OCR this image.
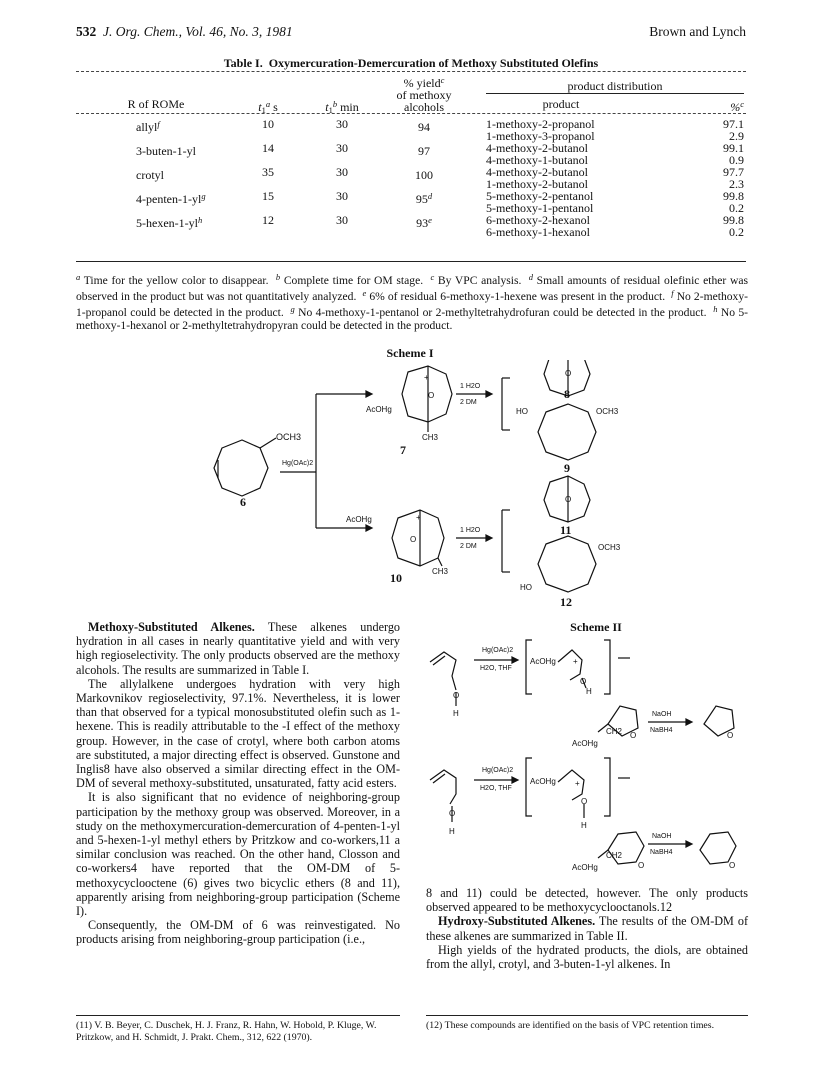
532 J. Org. Chem., Vol. 46, No. 3, 1981	Brown and Lynch
Table I. Oxymercuration-Demercuration of Methoxy Substituted Olefins
R of ROMe	$t_1^a$ s	$t_1^b$ min
% yield$^c$
of methoxy
alcohols
product distribution
product	%$^c$
allyl$^f$	10	30	94	1-methoxy-2-propanol	97.1
1-methoxy-3-propanol	2.9
3-buten-1-yl	14	30	97	4-methoxy-2-butanol	99.1
4-methoxy-1-butanol	0.9
crotyl	35	30	100	4-methoxy-2-butanol	97.7
1-methoxy-2-butanol	2.3
$4-penten-1-yl^g$	15	30	95$^d$	5-methoxy-2-pentanol	99.8
5-methoxy-1-pentanol	0.2
$5-hexen-1-yl^h$	12	30	93e	6-methoxy-2-hexanol	99.8
6-methoxy-1-hexanol	0.2
$^a$ Time for the yellow color to disappear. $^b$ Complete time for OM stage. $^c$ By VPC analysis. $^d$ Small amounts of residual olefinic ether was observed in the product but was not quantitatively analyzed. $^e$ 6% of residual 6-methoxy-1-hexene was present in the product. $^f$ No 2-methoxy-1-propanol could be detected in the product. $^g$ No 4-methoxy-1-pentanol or 2-methyltetrahydrofuran could be detected in the product. $^h$ No 5-methoxy-1-hexanol or 2-methyltetrahydropyran could be detected in the product.
Scheme I
OCH3
Hg(OAc)2
6
AcOHg
+
O
CH3
7
1 H2O
2 DM
O
8
HO	OCH3
9
AcOHg	+
O
CH3
10
1 H2O
2 DM
O
11
OCH3
HO
12

Methoxy-Substituted Alkenes. These alkenes undergo hydration in all cases in nearly quantitative yield and with very high regioselectivity. The only products observed are the methoxy alcohols. The results are summarized in Table I.

The allylalkene undergoes hydration with very high Markovnikov regioselectivity, 97.1%. Nevertheless, it is lower than that observed for a typical monosubstituted olefin such as 1-hexene. This is readily attributable to the -I effect of the methoxy group. However, in the case of crotyl, where both carbon atoms are substituted, a major directing effect is observed. Gunstone and Inglis8 have also observed a similar directing effect in the OM-DM of several methoxy-substituted, unsaturated, fatty acid esters.

It is also significant that no evidence of neighboring-group participation by the methoxy group was observed. Moreover, in a study on the methoxymercuration-demercuration of 4-penten-1-yl and 5-hexen-1-yl methyl ethers by Pritzkow and co-workers,11 a similar conclusion was reached. On the other hand, Closson and co-workers4 have reported that the OM-DM of 5-methoxycyclooctene (6) gives two bicyclic ethers (8 and 11), apparently arising from neighboring-group participation (Scheme I).

Consequently, the OM-DM of 6 was reinvestigated. No products arising from neighboring-group participation (i.e.,

Scheme II
Hg(OAc)2
H2O, THF
O
H
AcOHg +
O
H
CH2
AcOHg
O
NaOH
NaBH4
O
Hg(OAc)2
H2O, THF
O
H
AcOHg +
O
H
CH2
AcOHg	O
NaOH
NaBH4
O

8 and 11) could be detected, however. The only products observed appeared to be methoxycyclooctanols.12

Hydroxy-Substituted Alkenes. The results of the OM-DM of these alkenes are summarized in Table II.

High yields of the hydrated products, the diols, are obtained from the allyl, crotyl, and 3-buten-1-yl alkenes. In

(11) V. B. Beyer, C. Duschek, H. J. Franz, R. Hahn, W. Hobold, P. Kluge, W. Pritzkow, and H. Schmidt, J. Prakt. Chem., 312, 622 (1970).
(12) These compounds are identified on the basis of VPC retention times.
